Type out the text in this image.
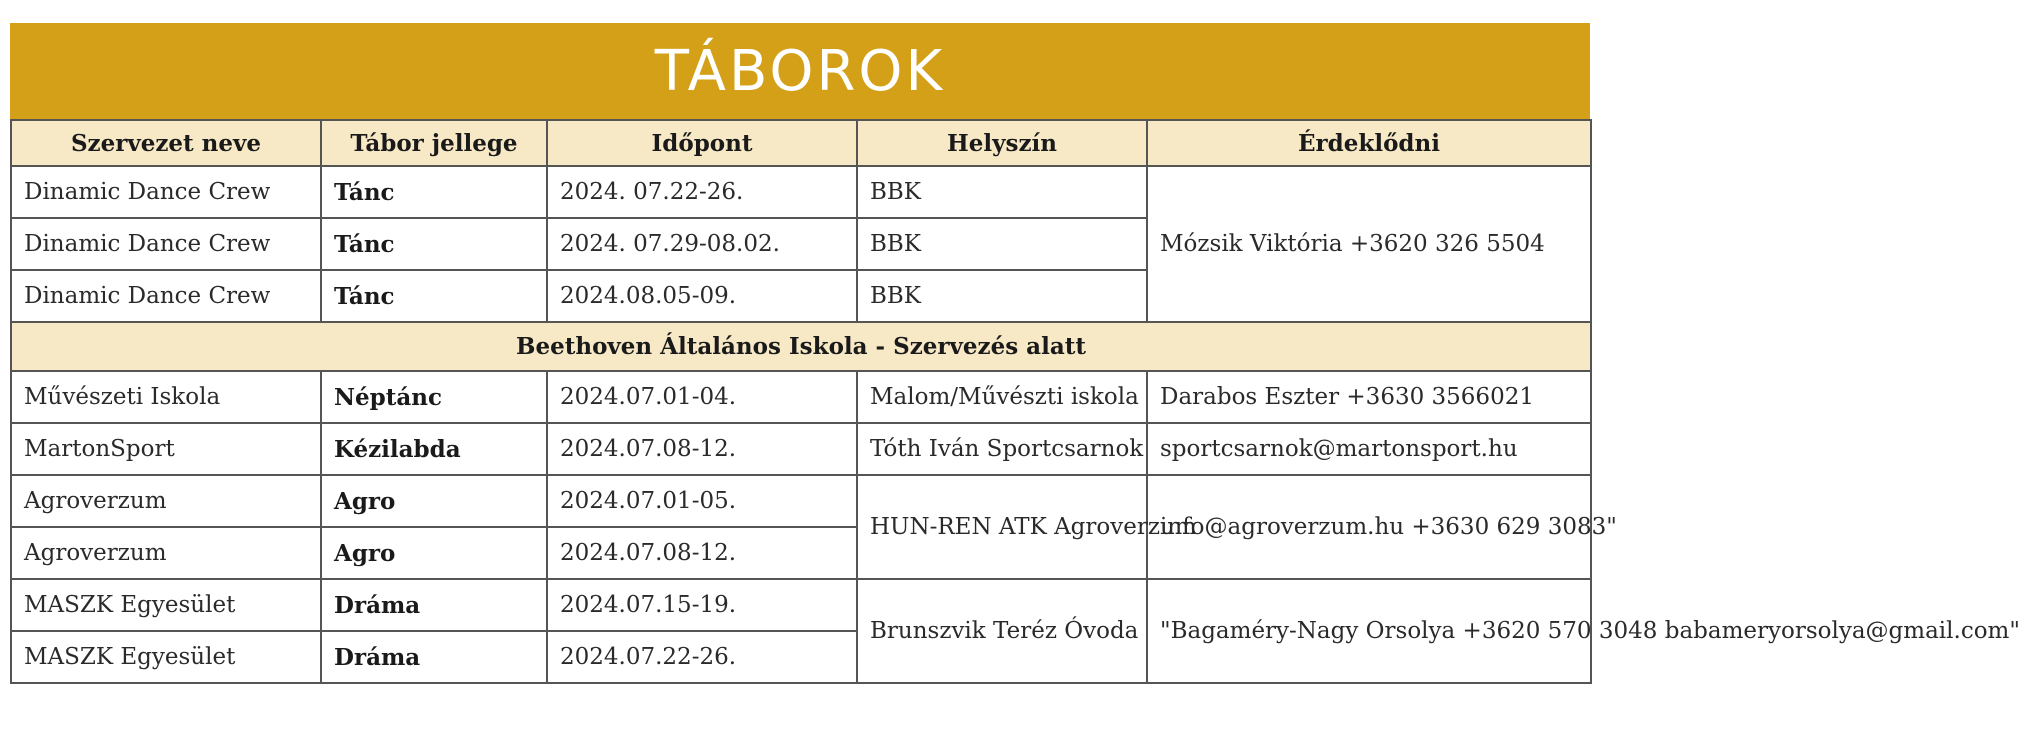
TÁBOROK
Szervezet neve	Tábor jellege	Időpont	Helyszín	Érdeklődni
Dinamic Dance Crew	Tánc	2024. 07.22-26.	BBK	Mózsik Viktória +3620 326 5504
Dinamic Dance Crew	Tánc	2024. 07.29-08.02.	BBK	
Dinamic Dance Crew	Tánc	2024.08.05-09.	BBK	
Beethoven Általános Iskola - Szervezés alatt				
Művészeti Iskola	Néptánc	2024.07.01-04.	Malom/Művészti iskola	Darabos Eszter +3630 3566021
MartonSport	Kézilabda	2024.07.08-12.	Tóth Iván Sportcsarnok	sportcsarnok@martonsport.hu
Agroverzum	Agro	2024.07.01-05.	HUN-REN ATK Agroverzum	info@agroverzum.hu +3630 629 3083"
Agroverzum	Agro	2024.07.08-12.		
MASZK Egyesület	Dráma	2024.07.15-19.	Brunszvik Teréz Óvoda	"Bagaméry-Nagy Orsolya +3620 570 3048 babameryorsolya@gmail.com"
MASZK Egyesület	Dráma	2024.07.22-26.		
